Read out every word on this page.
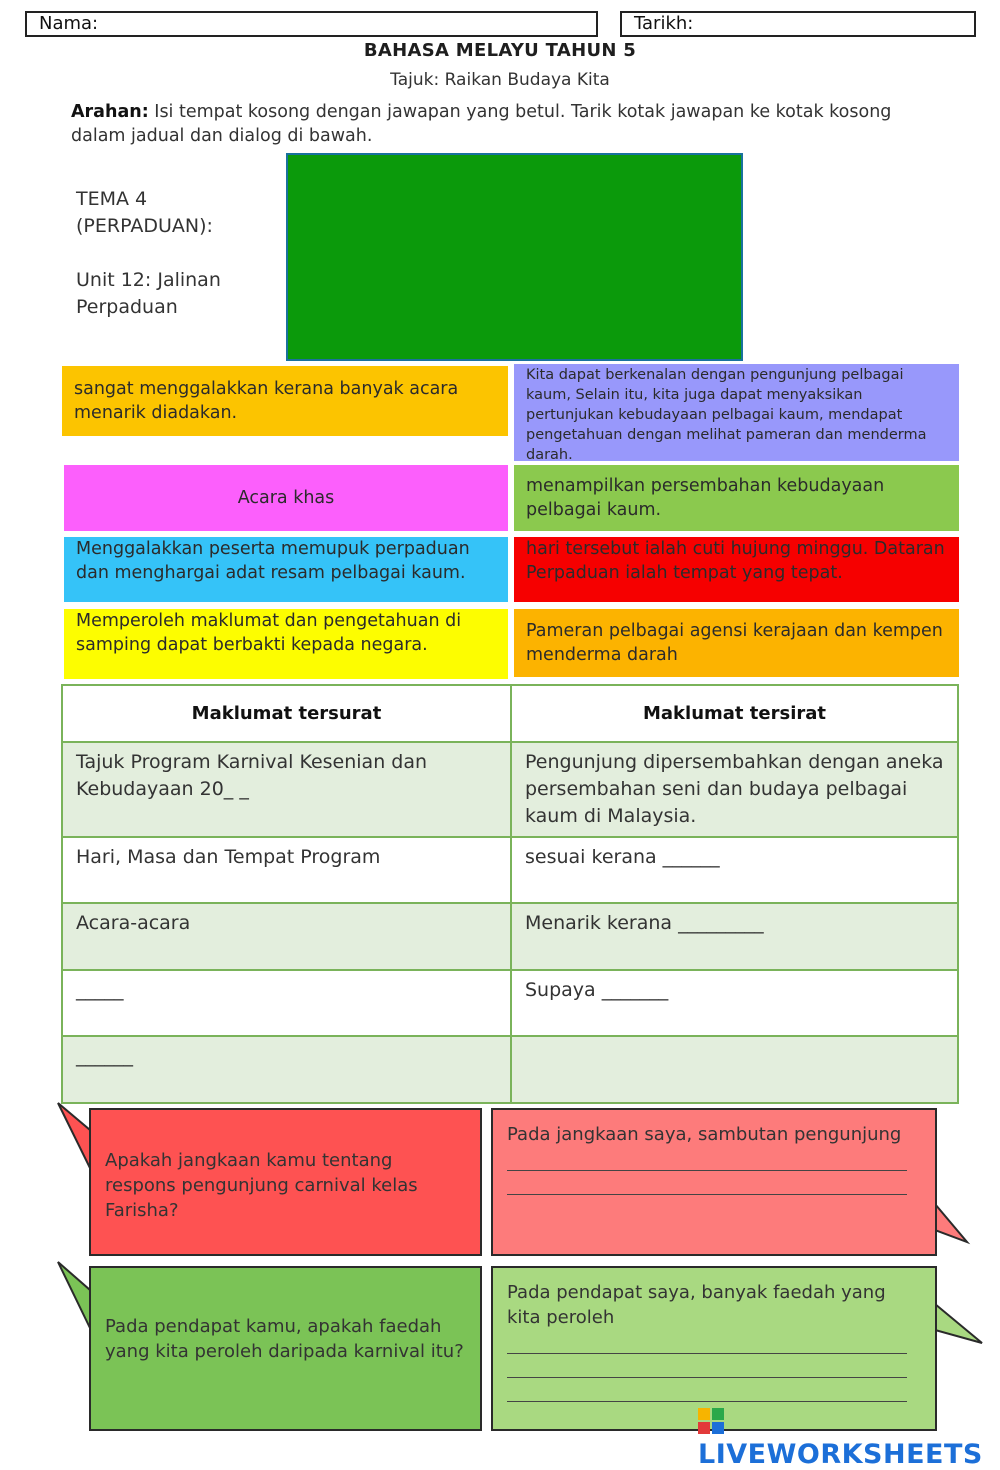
Nama:	Tarikh:
BAHASA MELAYU TAHUN 5
Tajuk: Raikan Budaya Kita
Arahan: Isi tempat kosong dengan jawapan yang betul. Tarik kotak jawapan ke kotak kosong dalam jadual dan dialog di bawah.
TEMA 4
(PERPADUAN):
Unit 12: Jalinan
Perpaduan
sangat menggalakkan kerana banyak acara menarik diadakan.
Kita dapat berkenalan dengan pengunjung pelbagai kaum, Selain itu, kita juga dapat menyaksikan pertunjukan kebudayaan pelbagai kaum, mendapat pengetahuan dengan melihat pameran dan menderma darah.
Acara khas
menampilkan persembahan kebudayaan pelbagai kaum.
Menggalakkan peserta memupuk perpaduan dan menghargai adat resam pelbagai kaum.
hari tersebut ialah cuti hujung minggu. Dataran Perpaduan ialah tempat yang tepat.
Memperoleh maklumat dan pengetahuan di samping dapat berbakti kepada negara.
Pameran pelbagai agensi kerajaan dan kempen menderma darah
Maklumat tersurat	Maklumat tersirat
Tajuk Program Karnival Kesenian dan Kebudayaan 20_ _	Pengunjung dipersembahkan dengan aneka persembahan seni dan budaya pelbagai kaum di Malaysia.
Hari, Masa dan Tempat Program	sesuai kerana ______
Acara-acara	Menarik kerana _________
_____	Supaya _______
______	
Apakah jangkaan kamu tentang respons pengunjung carnival kelas Farisha?
Pada jangkaan saya, sambutan pengunjung
Pada pendapat kamu, apakah faedah yang kita peroleh daripada karnival itu?
Pada pendapat saya, banyak faedah yang kita peroleh
LIVEWORKSHEETS
